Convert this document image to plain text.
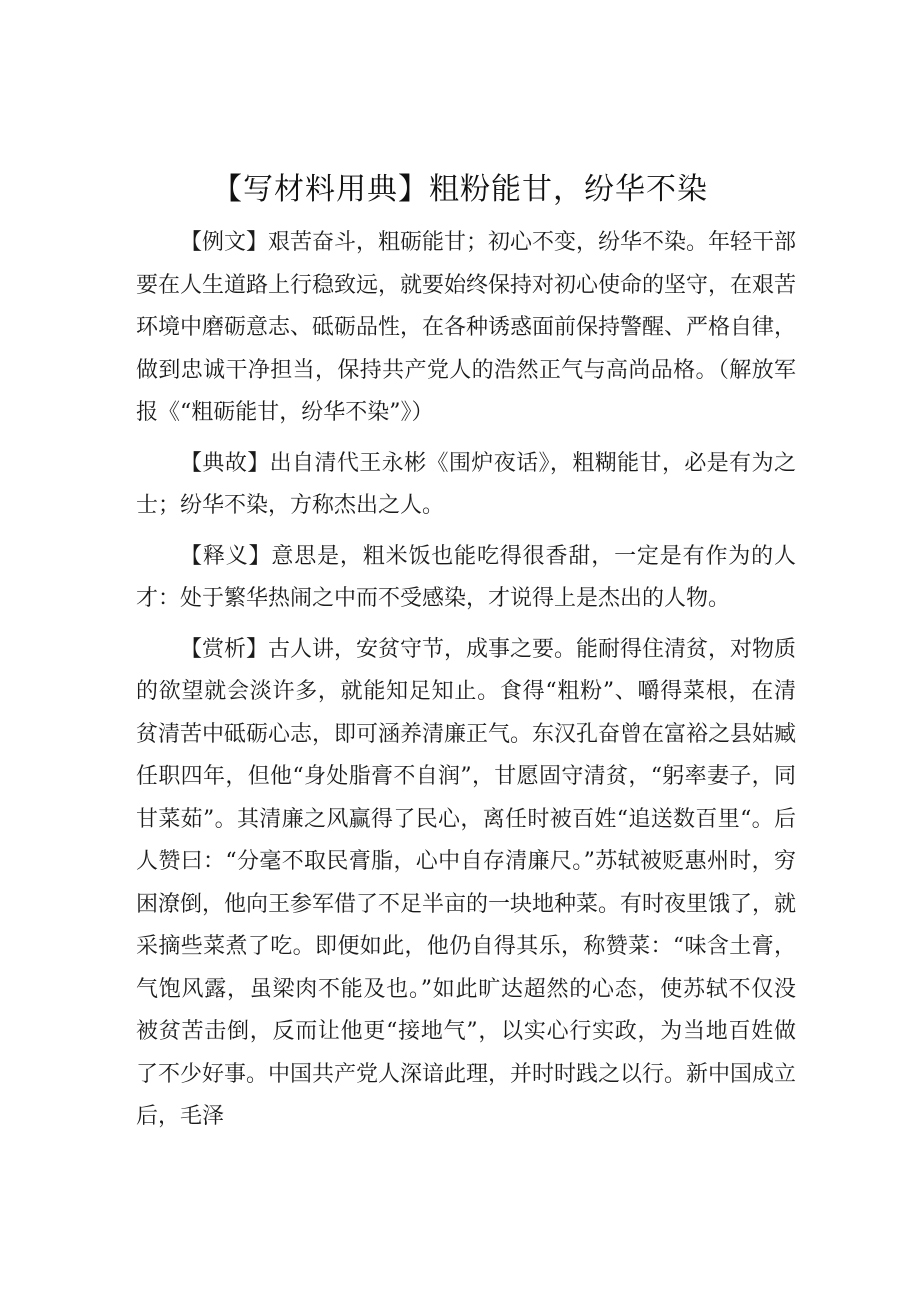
【写材料用典】粗粉能甘，纷华不染

【例文】艰苦奋斗，粗砺能甘；初心不变，纷华不染。年轻干部要在人生道路上行稳致远，就要始终保持对初心使命的坚守，在艰苦环境中磨砺意志、砥砺品性，在各种诱惑面前保持警醒、严格自律，做到忠诚干净担当，保持共产党人的浩然正气与高尚品格。（解放军报《“粗砺能甘，纷华不染”》）

【典故】出自清代王永彬《围炉夜话》，粗糊能甘，必是有为之士；纷华不染，方称杰出之人。

【释义】意思是，粗米饭也能吃得很香甜，一定是有作为的人才：处于繁华热闹之中而不受感染，才说得上是杰出的人物。

【赏析】古人讲，安贫守节，成事之要。能耐得住清贫，对物质的欲望就会淡许多，就能知足知止。食得“粗粉”、嚼得菜根，在清贫清苦中砥砺心志，即可涵养清廉正气。东汉孔奋曾在富裕之县姑臧任职四年，但他“身处脂膏不自润”，甘愿固守清贫，“躬率妻子，同甘菜茹”。其清廉之风赢得了民心，离任时被百姓“追送数百里“。后人赞曰：“分毫不取民膏脂，心中自存清廉尺。”苏轼被贬惠州时，穷困潦倒，他向王参军借了不足半亩的一块地种菜。有时夜里饿了，就采摘些菜煮了吃。即便如此，他仍自得其乐，称赞菜：“味含土膏，气饱风露，虽梁肉不能及也。”如此旷达超然的心态，使苏轼不仅没被贫苦击倒，反而让他更“接地气”，以实心行实政，为当地百姓做了不少好事。中国共产党人深谙此理，并时时践之以行。新中国成立后，毛泽
